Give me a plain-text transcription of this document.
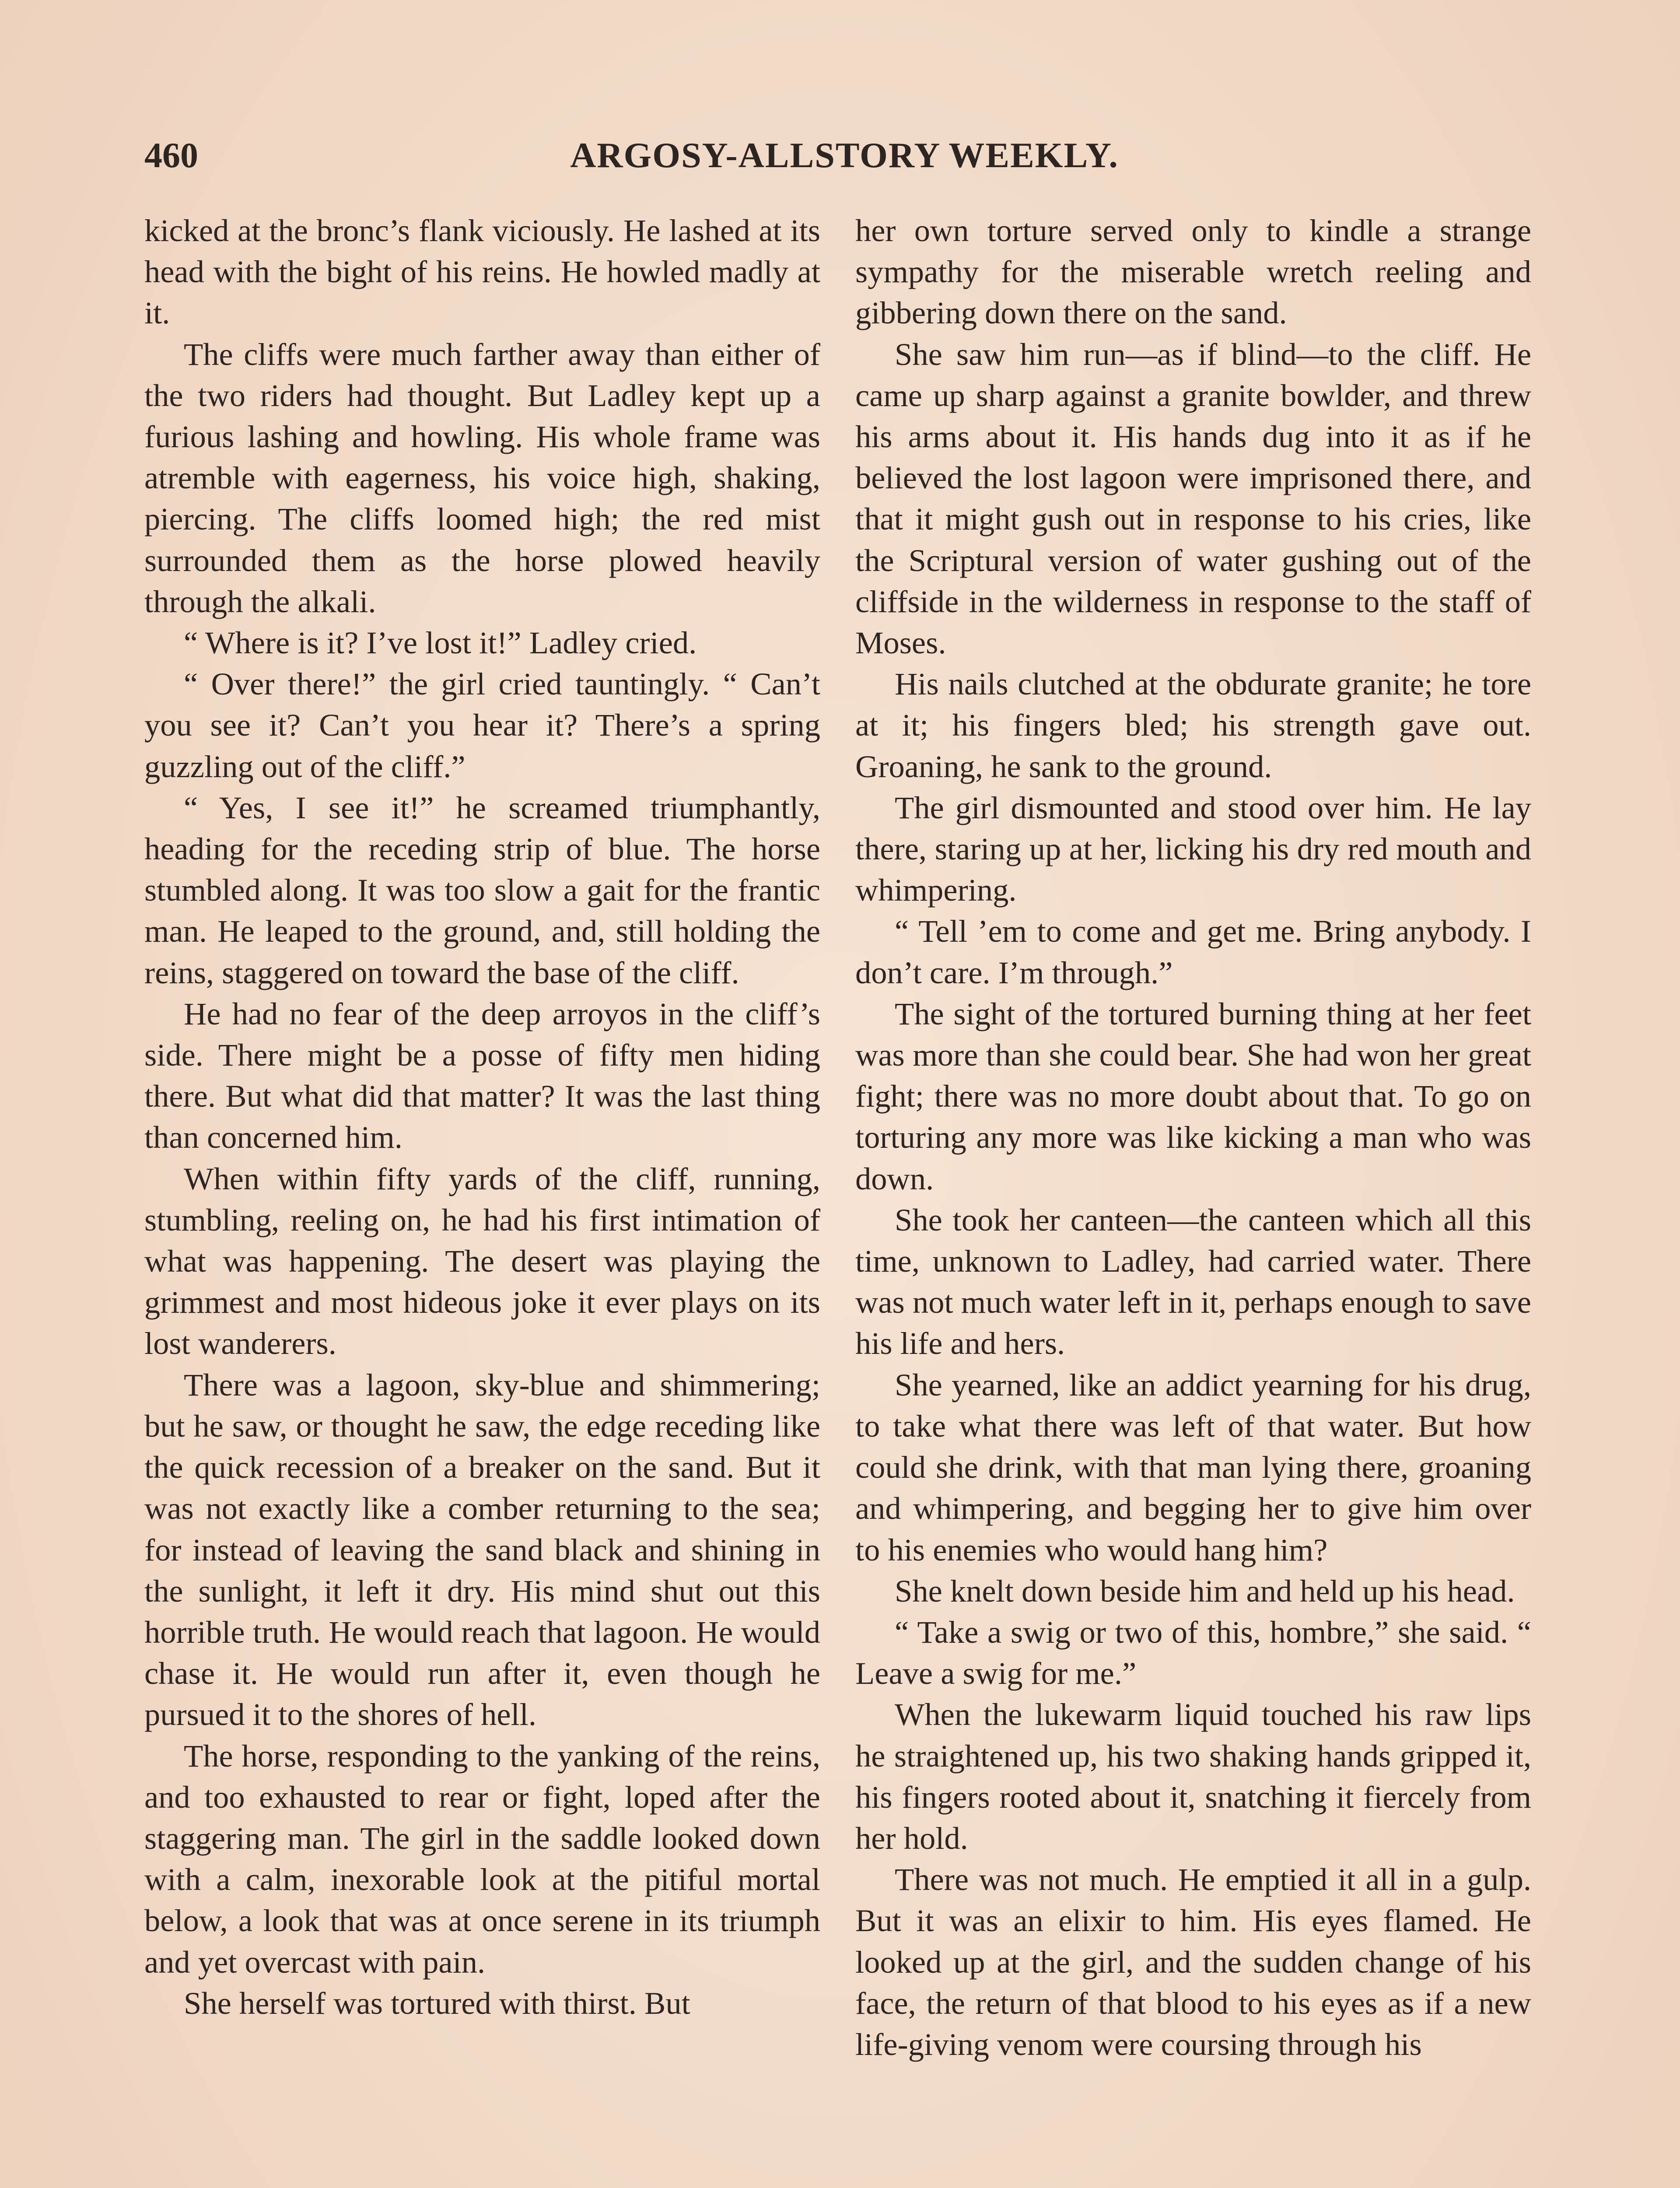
460	ARGOSY-ALLSTORY WEEKLY.

kicked at the bronc’s flank viciously. He lashed at its head with the bight of his reins. He howled madly at it.

The cliffs were much farther away than either of the two riders had thought. But Ladley kept up a furious lashing and howling. His whole frame was atremble with eagerness, his voice high, shaking, piercing. The cliffs loomed high; the red mist surrounded them as the horse plowed heavily through the alkali.

“ Where is it? I’ve lost it!” Ladley cried.

“ Over there!” the girl cried tauntingly. “ Can’t you see it? Can’t you hear it? There’s a spring guzzling out of the cliff.”

“ Yes, I see it!” he screamed triumphantly, heading for the receding strip of blue. The horse stumbled along. It was too slow a gait for the frantic man. He leaped to the ground, and, still holding the reins, staggered on toward the base of the cliff.

He had no fear of the deep arroyos in the cliff’s side. There might be a posse of fifty men hiding there. But what did that matter? It was the last thing than concerned him.

When within fifty yards of the cliff, running, stumbling, reeling on, he had his first intimation of what was happening. The desert was playing the grimmest and most hideous joke it ever plays on its lost wanderers.

There was a lagoon, sky-blue and shimmering; but he saw, or thought he saw, the edge receding like the quick recession of a breaker on the sand. But it was not exactly like a comber returning to the sea; for instead of leaving the sand black and shining in the sunlight, it left it dry. His mind shut out this horrible truth. He would reach that lagoon. He would chase it. He would run after it, even though he pursued it to the shores of hell.

The horse, responding to the yanking of the reins, and too exhausted to rear or fight, loped after the staggering man. The girl in the saddle looked down with a calm, inexorable look at the pitiful mortal below, a look that was at once serene in its triumph and yet overcast with pain.

She herself was tortured with thirst. But

her own torture served only to kindle a strange sympathy for the miserable wretch reeling and gibbering down there on the sand.

She saw him run—as if blind—to the cliff. He came up sharp against a granite bowlder, and threw his arms about it. His hands dug into it as if he believed the lost lagoon were imprisoned there, and that it might gush out in response to his cries, like the Scriptural version of water gushing out of the cliffside in the wilderness in response to the staff of Moses.

His nails clutched at the obdurate granite; he tore at it; his fingers bled; his strength gave out. Groaning, he sank to the ground.

The girl dismounted and stood over him. He lay there, staring up at her, licking his dry red mouth and whimpering.

“ Tell ’em to come and get me. Bring anybody. I don’t care. I’m through.”

The sight of the tortured burning thing at her feet was more than she could bear. She had won her great fight; there was no more doubt about that. To go on torturing any more was like kicking a man who was down.

She took her canteen—the canteen which all this time, unknown to Ladley, had carried water. There was not much water left in it, perhaps enough to save his life and hers.

She yearned, like an addict yearning for his drug, to take what there was left of that water. But how could she drink, with that man lying there, groaning and whimpering, and begging her to give him over to his enemies who would hang him?

She knelt down beside him and held up his head.

“ Take a swig or two of this, hombre,” she said. “ Leave a swig for me.”

When the lukewarm liquid touched his raw lips he straightened up, his two shaking hands gripped it, his fingers rooted about it, snatching it fiercely from her hold.

There was not much. He emptied it all in a gulp. But it was an elixir to him. His eyes flamed. He looked up at the girl, and the sudden change of his face, the return of that blood to his eyes as if a new life-giving venom were coursing through his
